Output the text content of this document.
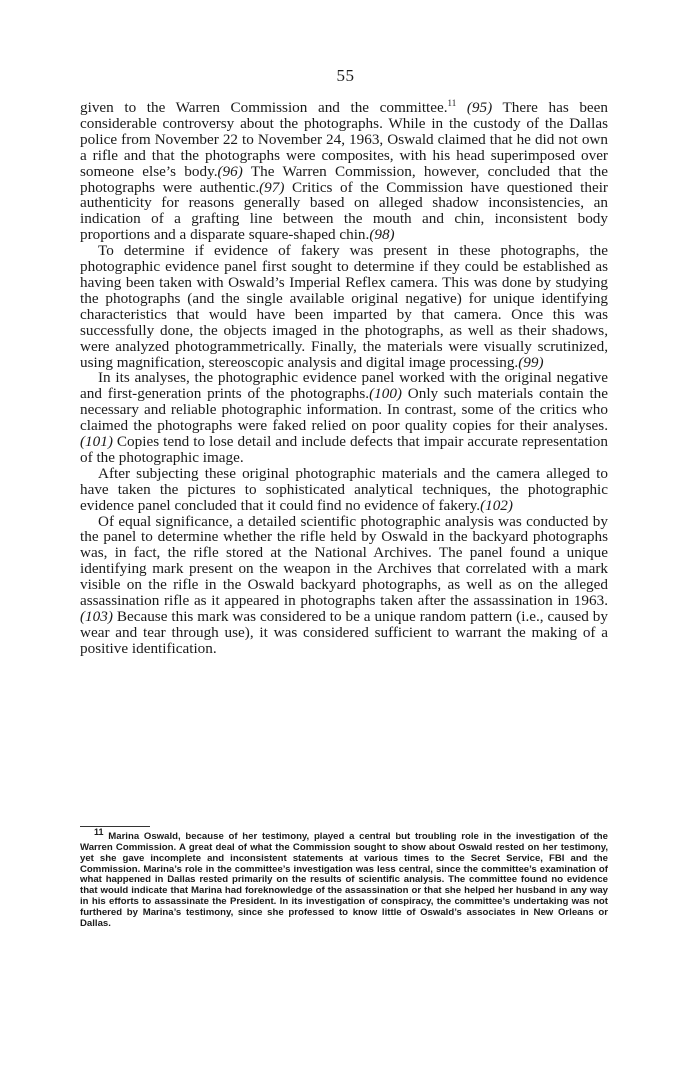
55

given to the Warren Commission and the committee.$^{11}$ (95) There has been considerable controversy about the photographs. While in the custody of the Dallas police from November 22 to November 24, 1963, Oswald claimed that he did not own a rifle and that the photographs were composites, with his head superimposed over someone else’s body.(96) The Warren Commission, however, concluded that the photographs were authentic.(97) Critics of the Commission have questioned their authenticity for reasons generally based on alleged shadow inconsistencies, an indication of a grafting line between the mouth and chin, inconsistent body proportions and a disparate square-shaped chin.(98)

To determine if evidence of fakery was present in these photographs, the photographic evidence panel first sought to determine if they could be established as having been taken with Oswald’s Imperial Reflex camera. This was done by studying the photographs (and the single available original negative) for unique identifying characteristics that would have been imparted by that camera. Once this was successfully done, the objects imaged in the photographs, as well as their shadows, were analyzed photogrammetrically. Finally, the materials were visually scrutinized, using magnification, stereoscopic analysis and digital image processing.(99)

In its analyses, the photographic evidence panel worked with the original negative and first-generation prints of the photographs.(100) Only such materials contain the necessary and reliable photographic information. In contrast, some of the critics who claimed the photographs were faked relied on poor quality copies for their analyses.(101) Copies tend to lose detail and include defects that impair accurate representation of the photographic image.

After subjecting these original photographic materials and the camera alleged to have taken the pictures to sophisticated analytical techniques, the photographic evidence panel concluded that it could find no evidence of fakery.(102)

Of equal significance, a detailed scientific photographic analysis was conducted by the panel to determine whether the rifle held by Oswald in the backyard photographs was, in fact, the rifle stored at the National Archives. The panel found a unique identifying mark present on the weapon in the Archives that correlated with a mark visible on the rifle in the Oswald backyard photographs, as well as on the alleged assassination rifle as it appeared in photographs taken after the assassination in 1963.(103) Because this mark was considered to be a unique random pattern (i.e., caused by wear and tear through use), it was considered sufficient to warrant the making of a positive identification.

$^{11}$ Marina Oswald, because of her testimony, played a central but troubling role in the investigation of the Warren Commission. A great deal of what the Commission sought to show about Oswald rested on her testimony, yet she gave incomplete and inconsistent statements at various times to the Secret Service, FBI and the Commission. Marina’s role in the committee’s investigation was less central, since the committee’s examination of what happened in Dallas rested primarily on the results of scientific analysis. The committee found no evidence that would indicate that Marina had foreknowledge of the assassination or that she helped her husband in any way in his efforts to assassinate the President. In its investigation of conspiracy, the committee’s undertaking was not furthered by Marina’s testimony, since she professed to know little of Oswald’s associates in New Orleans or Dallas.
